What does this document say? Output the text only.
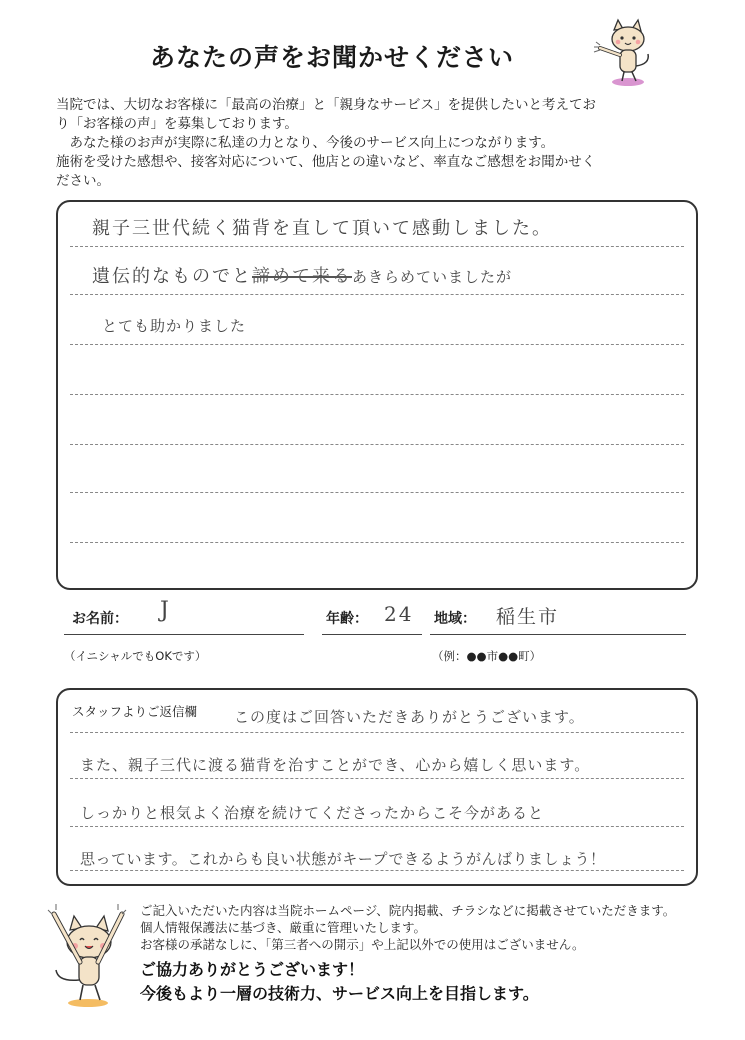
あなたの声をお聞かせください

当院では、大切なお客様に「最高の治療」と「親身なサービス」を提供したいと考えてお

り「お客様の声」を募集しております。

　あなた様のお声が実際に私達の力となり、今後のサービス向上につながります。

施術を受けた感想や、接客対応について、他店との違いなど、率直なご感想をお聞かせく

ださい。

親子三世代続く猫背を直して頂いて感動しました。
遺伝的なものでと諦めて来るあきらめていましたが
とても助かりました
お名前： J
（イニシャルでもOKです）
年齢： 24 地域： 稲生市
（例：●●市●●町）
スタッフよりご返信欄 この度はご回答いただきありがとうございます。
また、親子三代に渡る猫背を治すことができ、心から嬉しく思います。
しっかりと根気よく治療を続けてくださったからこそ今があると
思っています。これからも良い状態がキープできるようがんばりましょう！

ご記入いただいた内容は当院ホームページ、院内掲載、チラシなどに掲載させていただきます。

個人情報保護法に基づき、厳重に管理いたします。

お客様の承諾なしに、「第三者への開示」や上記以外での使用はございません。

ご協力ありがとうございます！

今後もより一層の技術力、サービス向上を目指します。
